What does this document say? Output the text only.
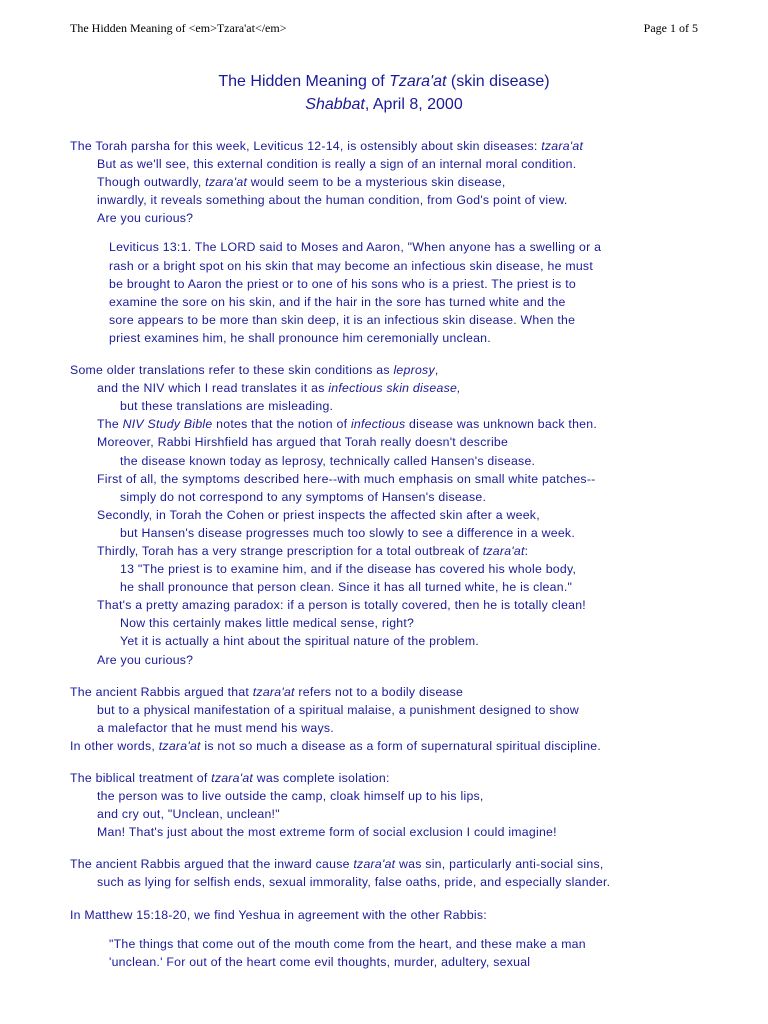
The Hidden Meaning of <em>Tzara'at</em>	Page 1 of 5
The Hidden Meaning of Tzara'at (skin disease)
Shabbat, April 8, 2000
The Torah parsha for this week, Leviticus 12-14, is ostensibly about skin diseases: tzara'at
But as we'll see, this external condition is really a sign of an internal moral condition.
Though outwardly, tzara'at would seem to be a mysterious skin disease,
inwardly, it reveals something about the human condition, from God's point of view.
Are you curious?
Leviticus 13:1. The LORD said to Moses and Aaron, "When anyone has a swelling or a
rash or a bright spot on his skin that may become an infectious skin disease, he must
be brought to Aaron the priest or to one of his sons who is a priest. The priest is to
examine the sore on his skin, and if the hair in the sore has turned white and the
sore appears to be more than skin deep, it is an infectious skin disease. When the
priest examines him, he shall pronounce him ceremonially unclean.
Some older translations refer to these skin conditions as leprosy,
and the NIV which I read translates it as infectious skin disease,
but these translations are misleading.
The NIV Study Bible notes that the notion of infectious disease was unknown back then.
Moreover, Rabbi Hirshfield has argued that Torah really doesn't describe
the disease known today as leprosy, technically called Hansen's disease.
First of all, the symptoms described here--with much emphasis on small white patches--
simply do not correspond to any symptoms of Hansen's disease.
Secondly, in Torah the Cohen or priest inspects the affected skin after a week,
but Hansen's disease progresses much too slowly to see a difference in a week.
Thirdly, Torah has a very strange prescription for a total outbreak of tzara'at:
13 "The priest is to examine him, and if the disease has covered his whole body,
he shall pronounce that person clean. Since it has all turned white, he is clean."
That's a pretty amazing paradox: if a person is totally covered, then he is totally clean!
Now this certainly makes little medical sense, right?
Yet it is actually a hint about the spiritual nature of the problem.
Are you curious?
The ancient Rabbis argued that tzara'at refers not to a bodily disease
but to a physical manifestation of a spiritual malaise, a punishment designed to show
a malefactor that he must mend his ways.
In other words, tzara'at is not so much a disease as a form of supernatural spiritual discipline.
The biblical treatment of tzara'at was complete isolation:
the person was to live outside the camp, cloak himself up to his lips,
and cry out, "Unclean, unclean!"
Man! That's just about the most extreme form of social exclusion I could imagine!
The ancient Rabbis argued that the inward cause tzara'at was sin, particularly anti-social sins,
such as lying for selfish ends, sexual immorality, false oaths, pride, and especially slander.
In Matthew 15:18-20, we find Yeshua in agreement with the other Rabbis:
"The things that come out of the mouth come from the heart, and these make a man
'unclean.' For out of the heart come evil thoughts, murder, adultery, sexual
